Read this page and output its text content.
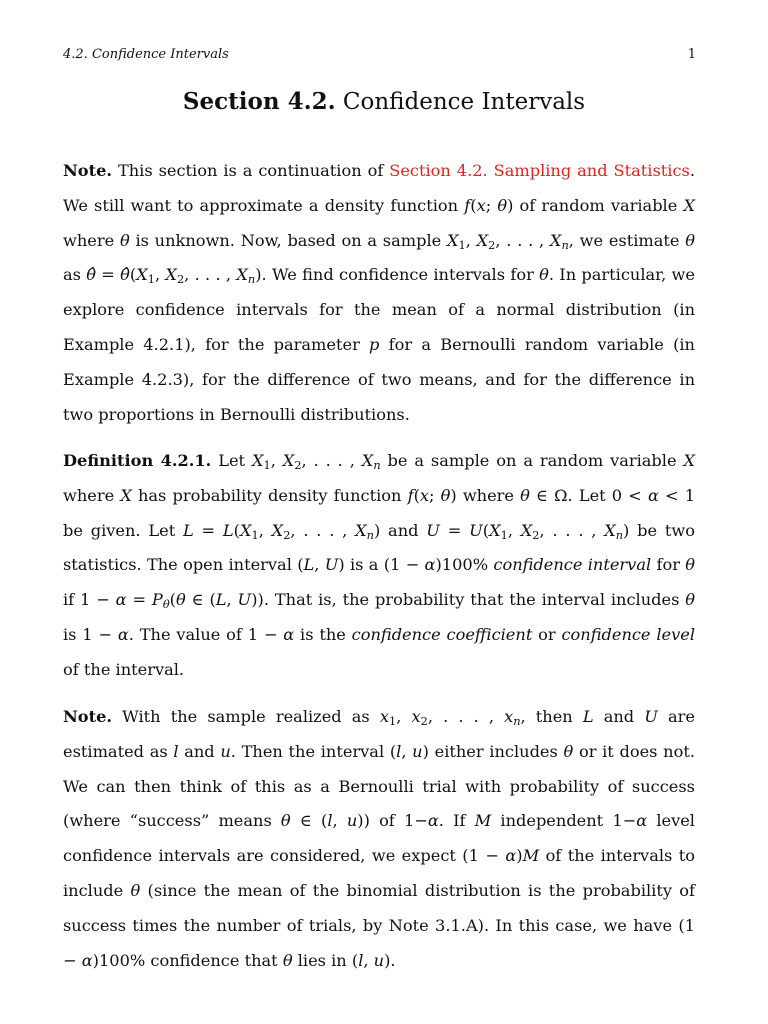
4.2. Confidence Intervals	1
Section 4.2. Confidence Intervals

Note. This section is a continuation of Section 4.2. Sampling and Statistics. We still want to approximate a density function f(x; θ) of random variable X where θ is unknown. Now, based on a sample $X_1$, $X_2$, . . . , $X_n$, we estimate θ as θ̂ = $\thetâ(X_1$, $X_2$, . . . , $X_n$). We find confidence intervals for θ. In particular, we explore confidence intervals for the mean of a normal distribution (in Example 4.2.1), for the parameter p for a Bernoulli random variable (in Example 4.2.3), for the difference of two means, and for the difference in two proportions in Bernoulli distributions.

Definition 4.2.1. Let $X_1$, $X_2$, . . . , $X_n$ be a sample on a random variable X where X has probability density function f(x; θ) where θ ∈ Ω. Let 0 < α < 1 be given. Let $L = L(X_1$, $X_2$, . . . , $X_n$) and $U = U(X_1$, $X_2$, . . . , $X_n$) be two statistics. The open interval (L, U) is a (1 − α)100% confidence interval for θ if $1 - \alpha = P_\theta(\theta$ ∈ (L, U)). That is, the probability that the interval includes θ is 1 − α. The value of 1 − α is the confidence coefficient or confidence level of the interval.

Note. With the sample realized as $x_1$, $x_2$, . . . , $x_n$, then L and U are estimated as l and u. Then the interval (l, u) either includes θ or it does not. We can then think of this as a Bernoulli trial with probability of success (where “success” means θ ∈ (l, u)) of 1−α. If M independent 1−α level confidence intervals are considered, we expect (1 − α)M of the intervals to include θ (since the mean of the binomial distribution is the probability of success times the number of trials, by Note 3.1.A). In this case, we have (1 − α)100% confidence that θ lies in (l, u).
